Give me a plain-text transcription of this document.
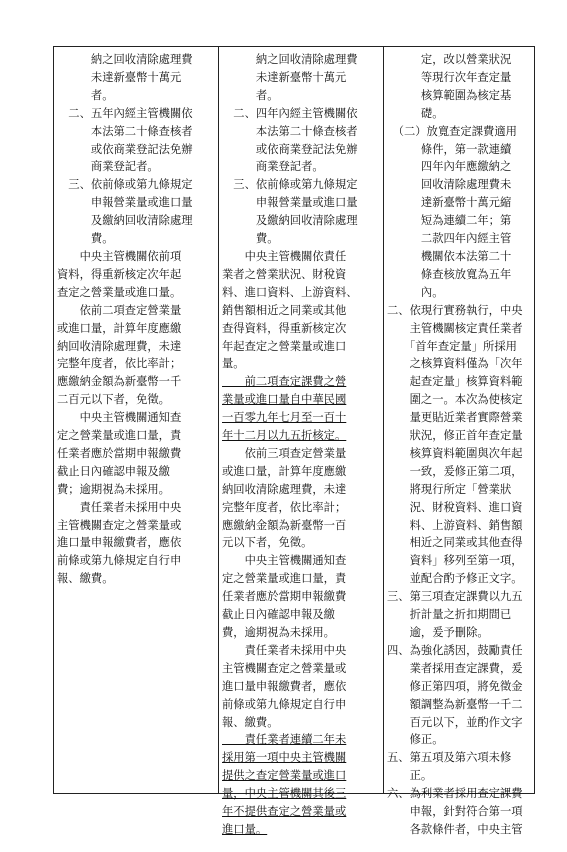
　　　納之回收清除處理費

　　　未達新臺幣十萬元

　　　者。

　二、五年內經主管機關依

　　　本法第二十條查核者

　　　或依商業登記法免辦

　　　商業登記者。

　三、依前條或第九條規定

　　　申報營業量或進口量

　　　及繳納回收清除處理

　　　費。

　　中央主管機關依前項

資料，得重新核定次年起

查定之營業量或進口量。

　　依前二項查定營業量

或進口量，計算年度應繳

納回收清除處理費，未達

完整年度者，依比率計；

應繳納金額為新臺幣一千

二百元以下者，免徵。

　　中央主管機關通知查

定之營業量或進口量，責

任業者應於當期申報繳費

截止日內確認申報及繳

費；逾期視為未採用。

　　責任業者未採用中央

主管機關查定之營業量或

進口量申報繳費者，應依

前條或第九條規定自行申

報、繳費。

　　　納之回收清除處理費

　　　未達新臺幣十萬元

　　　者。

　二、四年內經主管機關依

　　　本法第二十條查核者

　　　或依商業登記法免辦

　　　商業登記者。

　三、依前條或第九條規定

　　　申報營業量或進口量

　　　及繳納回收清除處理

　　　費。

　　中央主管機關依責任

業者之營業狀況、財稅資

料、進口資料、上游資料、

銷售額相近之同業或其他

查得資料，得重新核定次

年起查定之營業量或進口

量。

　　前二項查定課費之營

業量或進口量自中華民國

一百零九年七月至一百十

年十二月以九五折核定。

　　依前三項查定營業量

或進口量，計算年度應繳

納回收清除處理費，未達

完整年度者，依比率計；

應繳納金額為新臺幣一百

元以下者，免徵。

　　中央主管機關通知查

定之營業量或進口量，責

任業者應於當期申報繳費

截止日內確認申報及繳

費，逾期視為未採用。

　　責任業者未採用中央

主管機關查定之營業量或

進口量申報繳費者，應依

前條或第九條規定自行申

報、繳費。

　　責任業者連續二年未

採用第一項中央主管機關

提供之查定營業量或進口

量，中央主管機關其後三

年不提供查定之營業量或

進口量。

　　　定，改以營業狀況

　　　等現行次年查定量

　　　核算範圍為核定基

　　　礎。

　（二）放寬查定課費適用

　　　條件，第一款連續

　　　四年內年應繳納之

　　　回收清除處理費未

　　　達新臺幣十萬元縮

　　　短為連續二年；第

　　　二款四年內經主管

　　　機關依本法第二十

　　　條查核放寬為五年

　　　內。

二、依現行實務執行，中央

　　主管機關核定責任業者

　　「首年查定量」所採用

　　之核算資料僅為「次年

　　起查定量」核算資料範

　　圍之一。本次為使核定

　　量更貼近業者實際營業

　　狀況，修正首年查定量

　　核算資料範圍與次年起

　　一致，爰修正第二項，

　　將現行所定「營業狀

　　況、財稅資料、進口資

　　料、上游資料、銷售額

　　相近之同業或其他查得

　　資料」移列至第一項，

　　並配合酌予修正文字。

三、第三項查定課費以九五

　　折計量之折扣期間已

　　逾，爰予刪除。

四、為強化誘因，鼓勵責任

　　業者採用查定課費，爰

　　修正第四項，將免徵金

　　額調整為新臺幣一千二

　　百元以下，並酌作文字

　　修正。

五、第五項及第六項未修

　　正。

六、為利業者採用查定課費

　　申報，針對符合第一項

　　各款條件者，中央主管
